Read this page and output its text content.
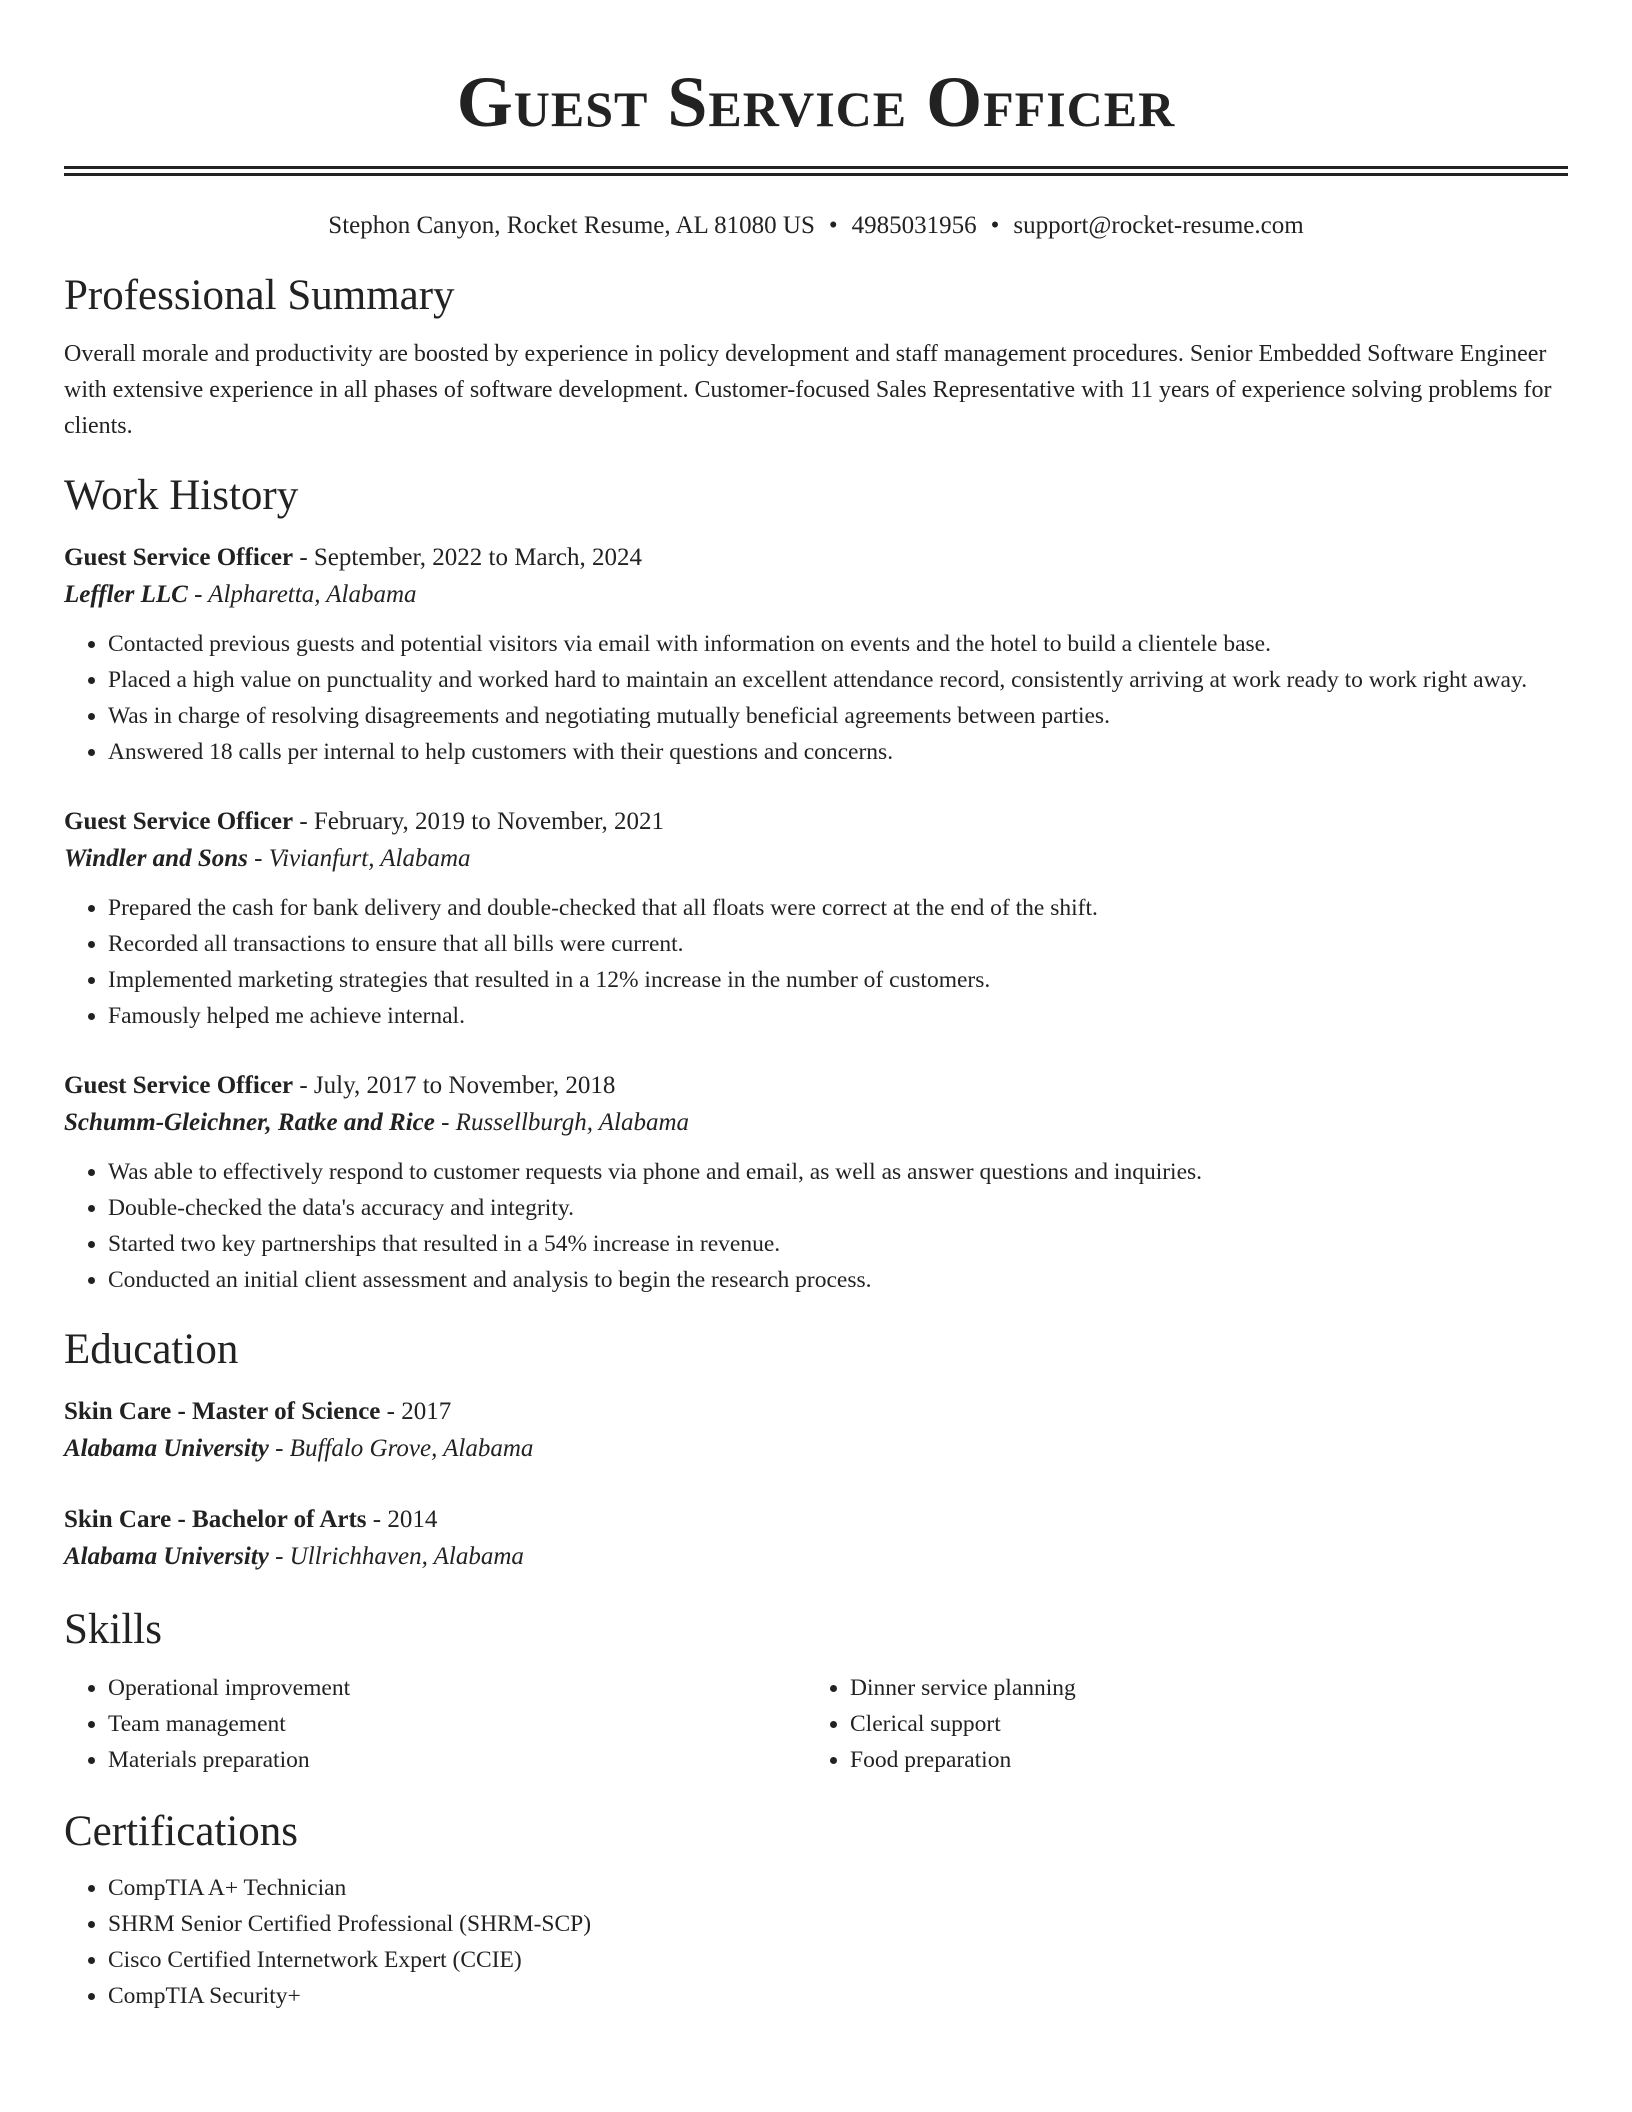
Guest Service Officer
Stephon Canyon, Rocket Resume, AL 81080 US • 4985031956 • support@rocket-resume.com
Professional Summary
Overall morale and productivity are boosted by experience in policy development and staff management procedures. Senior Embedded Software Engineer with extensive experience in all phases of software development. Customer-focused Sales Representative with 11 years of experience solving problems for clients.
Work History
Guest Service Officer - September, 2022 to March, 2024
Leffler LLC - Alpharetta, Alabama
• Contacted previous guests and potential visitors via email with information on events and the hotel to build a clientele base.
• Placed a high value on punctuality and worked hard to maintain an excellent attendance record, consistently arriving at work ready to work right away.
• Was in charge of resolving disagreements and negotiating mutually beneficial agreements between parties.
• Answered 18 calls per internal to help customers with their questions and concerns.
Guest Service Officer - February, 2019 to November, 2021
Windler and Sons - Vivianfurt, Alabama
• Prepared the cash for bank delivery and double-checked that all floats were correct at the end of the shift.
• Recorded all transactions to ensure that all bills were current.
• Implemented marketing strategies that resulted in a 12% increase in the number of customers.
• Famously helped me achieve internal.
Guest Service Officer - July, 2017 to November, 2018
Schumm-Gleichner, Ratke and Rice - Russellburgh, Alabama
• Was able to effectively respond to customer requests via phone and email, as well as answer questions and inquiries.
• Double-checked the data's accuracy and integrity.
• Started two key partnerships that resulted in a 54% increase in revenue.
• Conducted an initial client assessment and analysis to begin the research process.
Education
Skin Care - Master of Science - 2017
Alabama University - Buffalo Grove, Alabama
Skin Care - Bachelor of Arts - 2014
Alabama University - Ullrichhaven, Alabama
Skills
• Operational improvement
• Team management
• Materials preparation
• Dinner service planning
• Clerical support
• Food preparation
Certifications
• CompTIA A+ Technician
• SHRM Senior Certified Professional (SHRM-SCP)
• Cisco Certified Internetwork Expert (CCIE)
• CompTIA Security+
